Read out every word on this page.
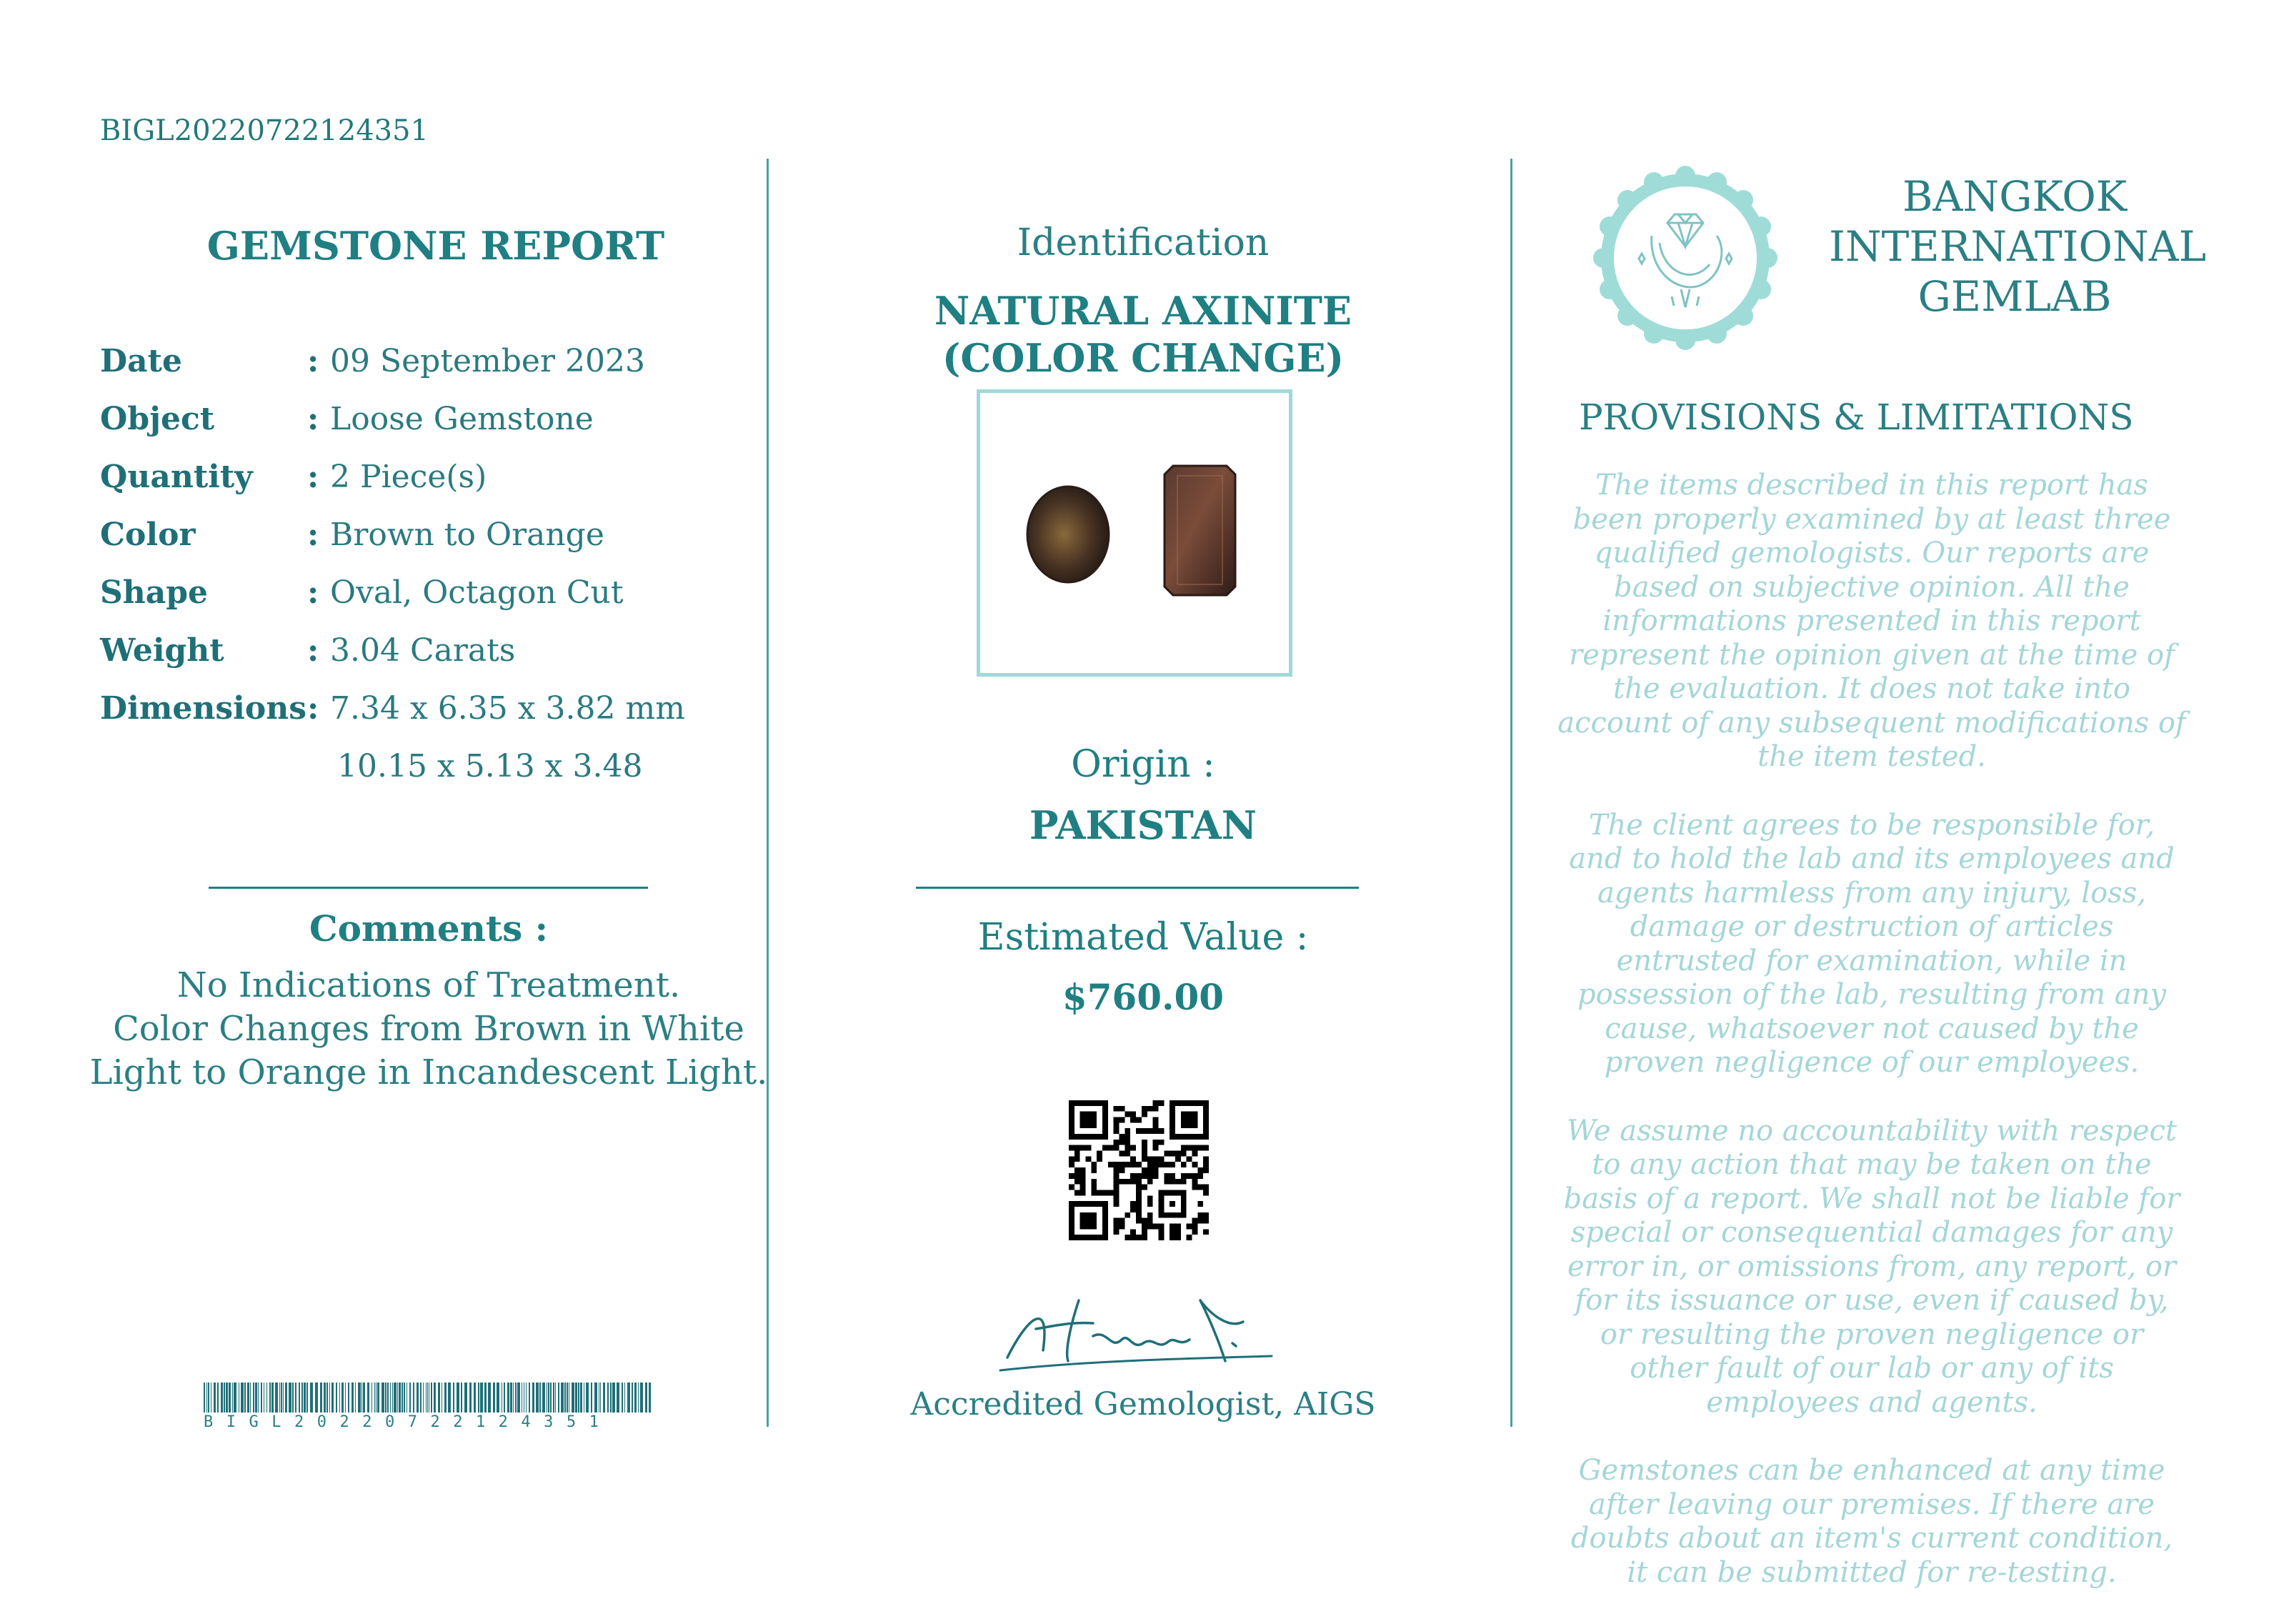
BIGL20220722124351
GEMSTONE REPORT
Date	: 09 September 2023
Object	: Loose Gemstone
Quantity	: 2 Piece(s)
Color	: Brown to Orange
Shape	: Oval, Octagon Cut
Weight	: 3.04 Carats
Dimensions : 7.34 x 6.35 x 3.82 mm
10.15 x 5.13 x 3.48
Comments :
No Indications of Treatment.
Color Changes from Brown in White
Light to Orange in Incandescent Light.
BIGL20220722124351
Identification
NATURAL AXINITE
(COLOR CHANGE)
Origin :
PAKISTAN
Estimated Value :
$760.00
Accredited Gemologist, AIGS
BANGKOK
INTERNATIONAL
GEMLAB
PROVISIONS & LIMITATIONS

The items described in this report has been properly examined by at least three qualified gemologists. Our reports are based on subjective opinion. All the informations presented in this report represent the opinion given at the time of the evaluation. It does not take into account of any subsequent modifications of the item tested.

The client agrees to be responsible for, and to hold the lab and its employees and agents harmless from any injury, loss, damage or destruction of articles entrusted for examination, while in possession of the lab, resulting from any cause, whatsoever not caused by the proven negligence of our employees.

We assume no accountability with respect to any action that may be taken on the basis of a report. We shall not be liable for special or consequential damages for any error in, or omissions from, any report, or for its issuance or use, even if caused by, or resulting the proven negligence or other fault of our lab or any of its employees and agents.

Gemstones can be enhanced at any time after leaving our premises. If there are doubts about an item's current condition, it can be submitted for re-testing.
